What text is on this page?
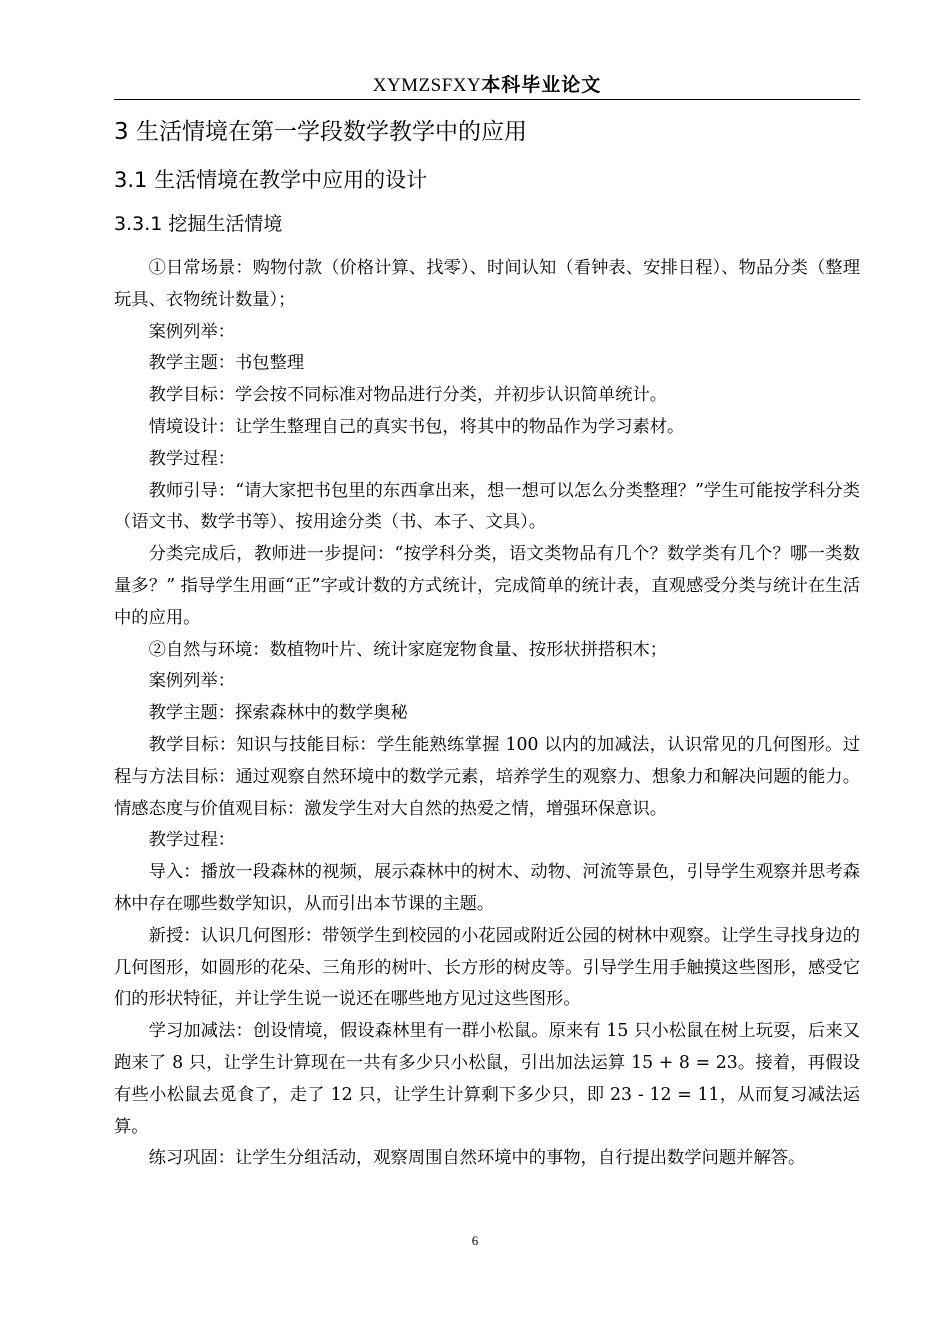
XYMZSFXY本科毕业论文
3 生活情境在第一学段数学教学中的应用
3.1 生活情境在教学中应用的设计
3.3.1 挖掘生活情境

①日常场景：购物付款（价格计算、找零）、时间认知（看钟表、安排日程）、物品分类（整理玩具、衣物统计数量）；

案例列举：

教学主题：书包整理

教学目标：学会按不同标准对物品进行分类，并初步认识简单统计。

情境设计：让学生整理自己的真实书包，将其中的物品作为学习素材。

教学过程：

教师引导：“请大家把书包里的东西拿出来，想一想可以怎么分类整理？”学生可能按学科分类（语文书、数学书等）、按用途分类（书、本子、文具）。

分类完成后，教师进一步提问：“按学科分类，语文类物品有几个？数学类有几个？哪一类数量多？” 指导学生用画“正”字或计数的方式统计，完成简单的统计表，直观感受分类与统计在生活中的应用。

②自然与环境：数植物叶片、统计家庭宠物食量、按形状拼搭积木；

案例列举：

教学主题：探索森林中的数学奥秘

教学目标：知识与技能目标：学生能熟练掌握 100 以内的加减法，认识常见的几何图形。过程与方法目标：通过观察自然环境中的数学元素，培养学生的观察力、想象力和解决问题的能力。情感态度与价值观目标：激发学生对大自然的热爱之情，增强环保意识。

教学过程：

导入：播放一段森林的视频，展示森林中的树木、动物、河流等景色，引导学生观察并思考森林中存在哪些数学知识，从而引出本节课的主题。

新授：认识几何图形：带领学生到校园的小花园或附近公园的树林中观察。让学生寻找身边的几何图形，如圆形的花朵、三角形的树叶、长方形的树皮等。引导学生用手触摸这些图形，感受它们的形状特征，并让学生说一说还在哪些地方见过这些图形。

学习加减法：创设情境，假设森林里有一群小松鼠。原来有 15 只小松鼠在树上玩耍，后来又跑来了 8 只，让学生计算现在一共有多少只小松鼠，引出加法运算 15 + 8 = 23。接着，再假设有些小松鼠去觅食了，走了 12 只，让学生计算剩下多少只，即 23 - 12 = 11，从而复习减法运算。

练习巩固：让学生分组活动，观察周围自然环境中的事物，自行提出数学问题并解答。

6
